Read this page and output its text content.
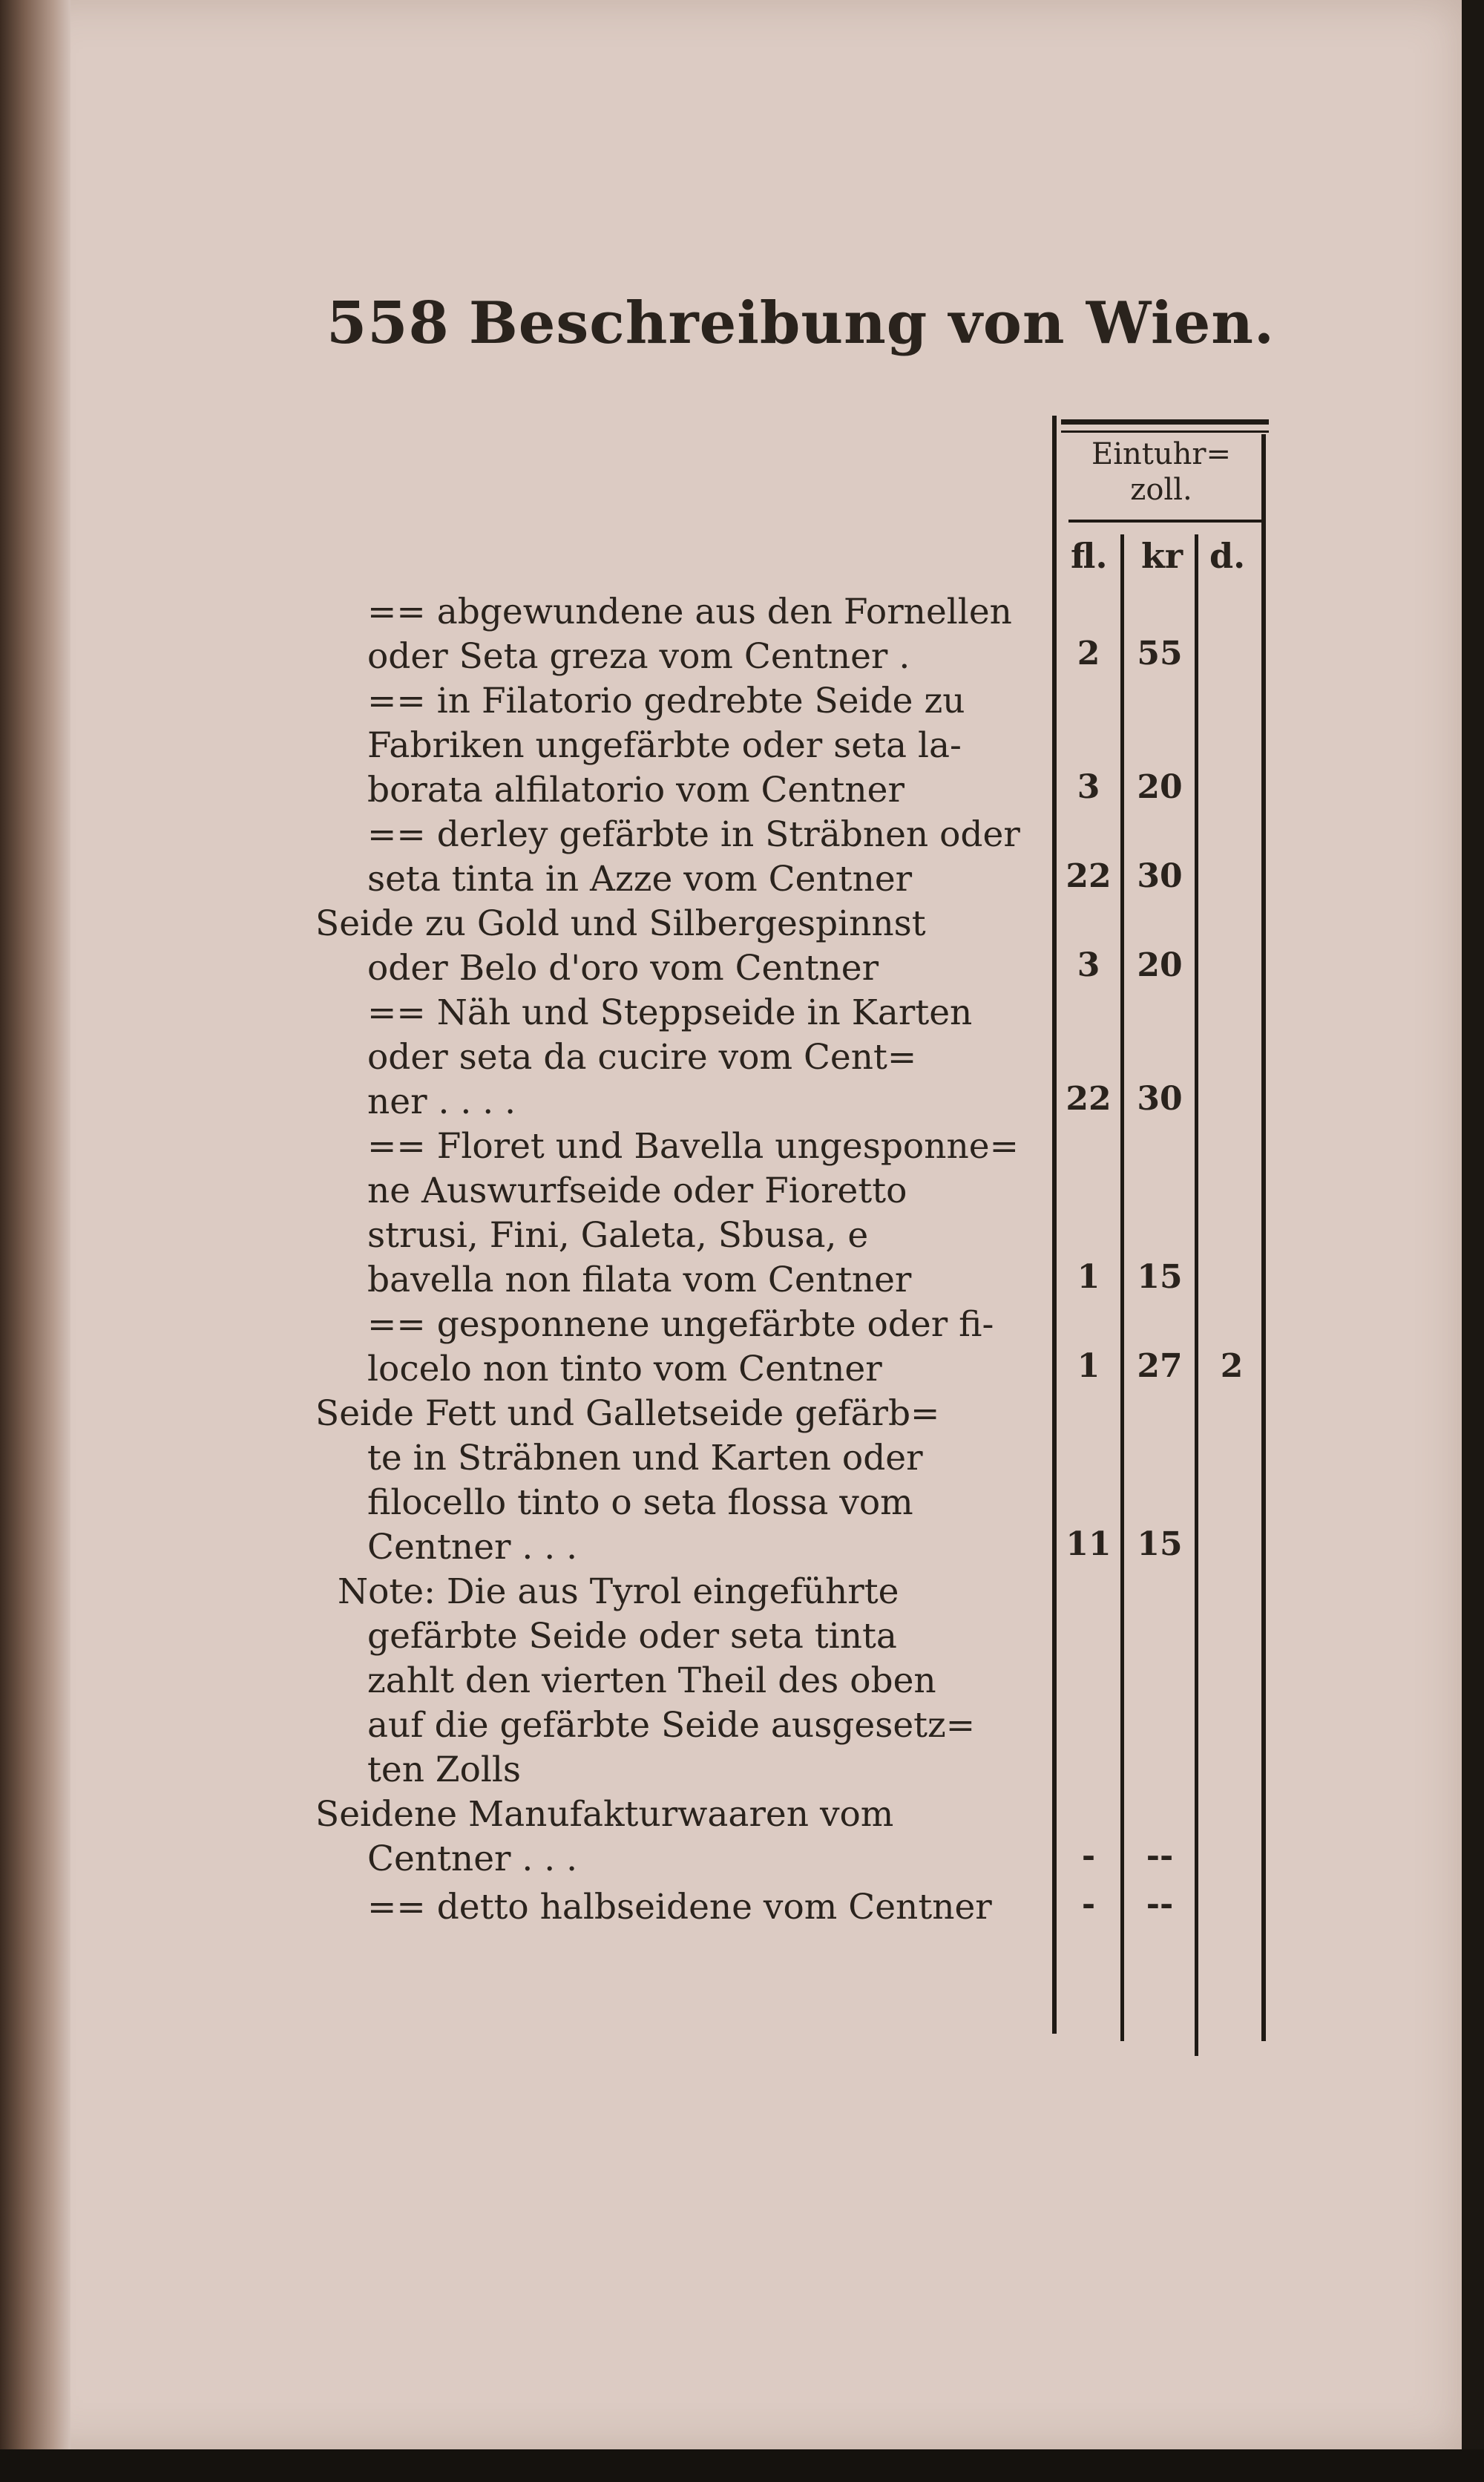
558 Beschreibung von Wien.
Eintuhr=
zoll.
fl. kr d.
== abgewundene aus den Fornellen
oder Seta greza vom Centner .	2	55
== in Filatorio gedrebte Seide zu
Fabriken ungefärbte oder seta la-
borata alfilatorio vom Centner	3	20
== derley gefärbte in Sträbnen oder
seta tinta in Azze vom Centner	22 30
Seide zu Gold und Silbergespinnst
oder Belo d'oro vom Centner	3	20
== Näh und Steppseide in Karten
oder seta da cucire vom Cent=
ner . . . .	22 30
== Floret und Bavella ungesponne=
ne Auswurfseide oder Fioretto
strusi, Fini, Galeta, Sbusa, e
bavella non filata vom Centner	1	15
== gesponnene ungefärbte oder fi-
locelo non tinto vom Centner	1	27	2
Seide Fett und Galletseide gefärb=
te in Sträbnen und Karten oder
filocello tinto o seta flossa vom
Centner . . .	11 15
Note: Die aus Tyrol eingeführte
gefärbte Seide oder seta tinta
zahlt den vierten Theil des oben
auf die gefärbte Seide ausgesetz=
ten Zolls
Seidene Manufakturwaaren vom
Centner . . .	-	--
== detto halbseidene vom Centner	-	--
